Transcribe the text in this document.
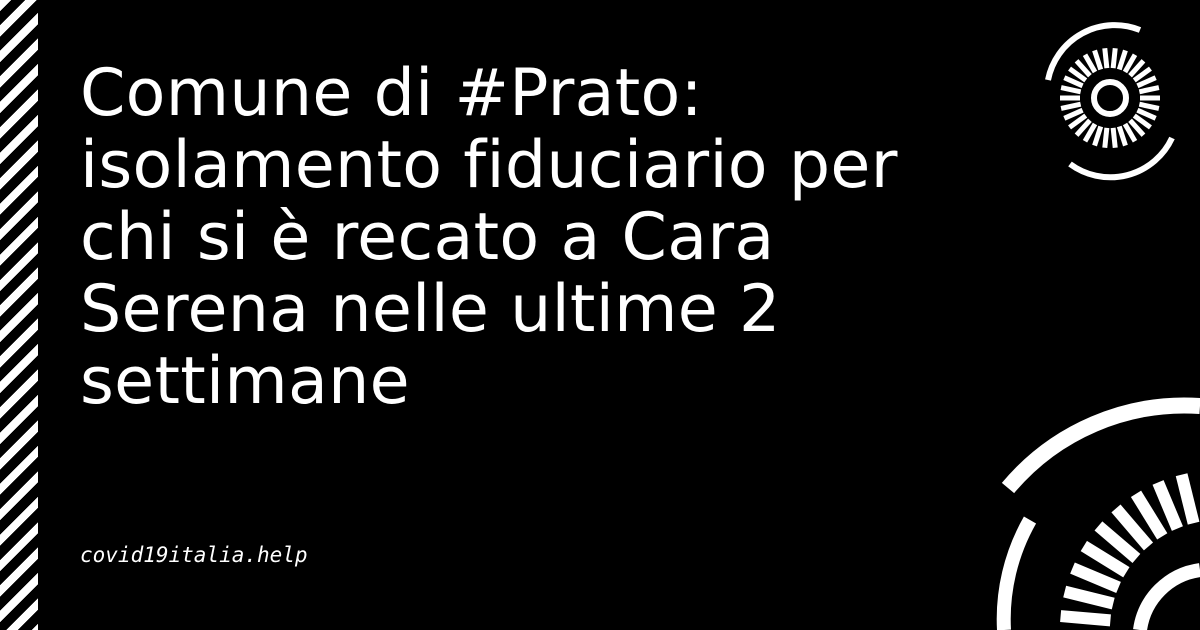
Comune di #Prato:
isolamento fiduciario per
chi si è recato a Cara
Serena nelle ultime 2
settimane
covid19italia.help
